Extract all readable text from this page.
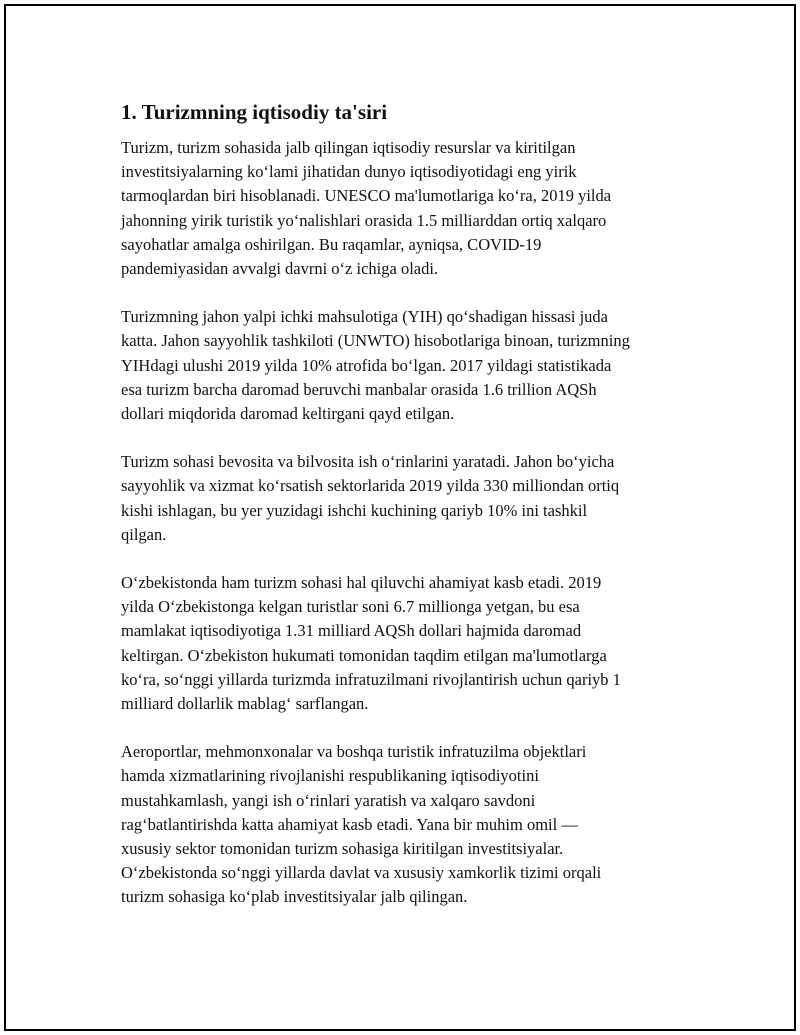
1. Turizmning iqtisodiy ta'siri

Turizm, turizm sohasida jalb qilingan iqtisodiy resurslar va kiritilgan
investitsiyalarning koʻlami jihatidan dunyo iqtisodiyotidagi eng yirik
tarmoqlardan biri hisoblanadi. UNESCO ma'lumotlariga koʻra, 2019 yilda
jahonning yirik turistik yoʻnalishlari orasida 1.5 milliarddan ortiq xalqaro
sayohatlar amalga oshirilgan. Bu raqamlar, ayniqsa, COVID-19
pandemiyasidan avvalgi davrni oʻz ichiga oladi.

Turizmning jahon yalpi ichki mahsulotiga (YIH) qoʻshadigan hissasi juda
katta. Jahon sayyohlik tashkiloti (UNWTO) hisobotlariga binoan, turizmning
YIHdagi ulushi 2019 yilda 10% atrofida boʻlgan. 2017 yildagi statistikada
esa turizm barcha daromad beruvchi manbalar orasida 1.6 trillion AQSh
dollari miqdorida daromad keltirgani qayd etilgan.

Turizm sohasi bevosita va bilvosita ish oʻrinlarini yaratadi. Jahon boʻyicha
sayyohlik va xizmat koʻrsatish sektorlarida 2019 yilda 330 milliondan ortiq
kishi ishlagan, bu yer yuzidagi ishchi kuchining qariyb 10% ini tashkil
qilgan.

Oʻzbekistonda ham turizm sohasi hal qiluvchi ahamiyat kasb etadi. 2019
yilda Oʻzbekistonga kelgan turistlar soni 6.7 millionga yetgan, bu esa
mamlakat iqtisodiyotiga 1.31 milliard AQSh dollari hajmida daromad
keltirgan. Oʻzbekiston hukumati tomonidan taqdim etilgan ma'lumotlarga
koʻra, soʻnggi yillarda turizmda infratuzilmani rivojlantirish uchun qariyb 1
milliard dollarlik mablagʻ sarflangan.

Aeroportlar, mehmonxonalar va boshqa turistik infratuzilma objektlari
hamda xizmatlarining rivojlanishi respublikaning iqtisodiyotini
mustahkamlash, yangi ish oʻrinlari yaratish va xalqaro savdoni
ragʻbatlantirishda katta ahamiyat kasb etadi. Yana bir muhim omil —
xususiy sektor tomonidan turizm sohasiga kiritilgan investitsiyalar.
Oʻzbekistonda soʻnggi yillarda davlat va xususiy xamkorlik tizimi orqali
turizm sohasiga koʻplab investitsiyalar jalb qilingan.
